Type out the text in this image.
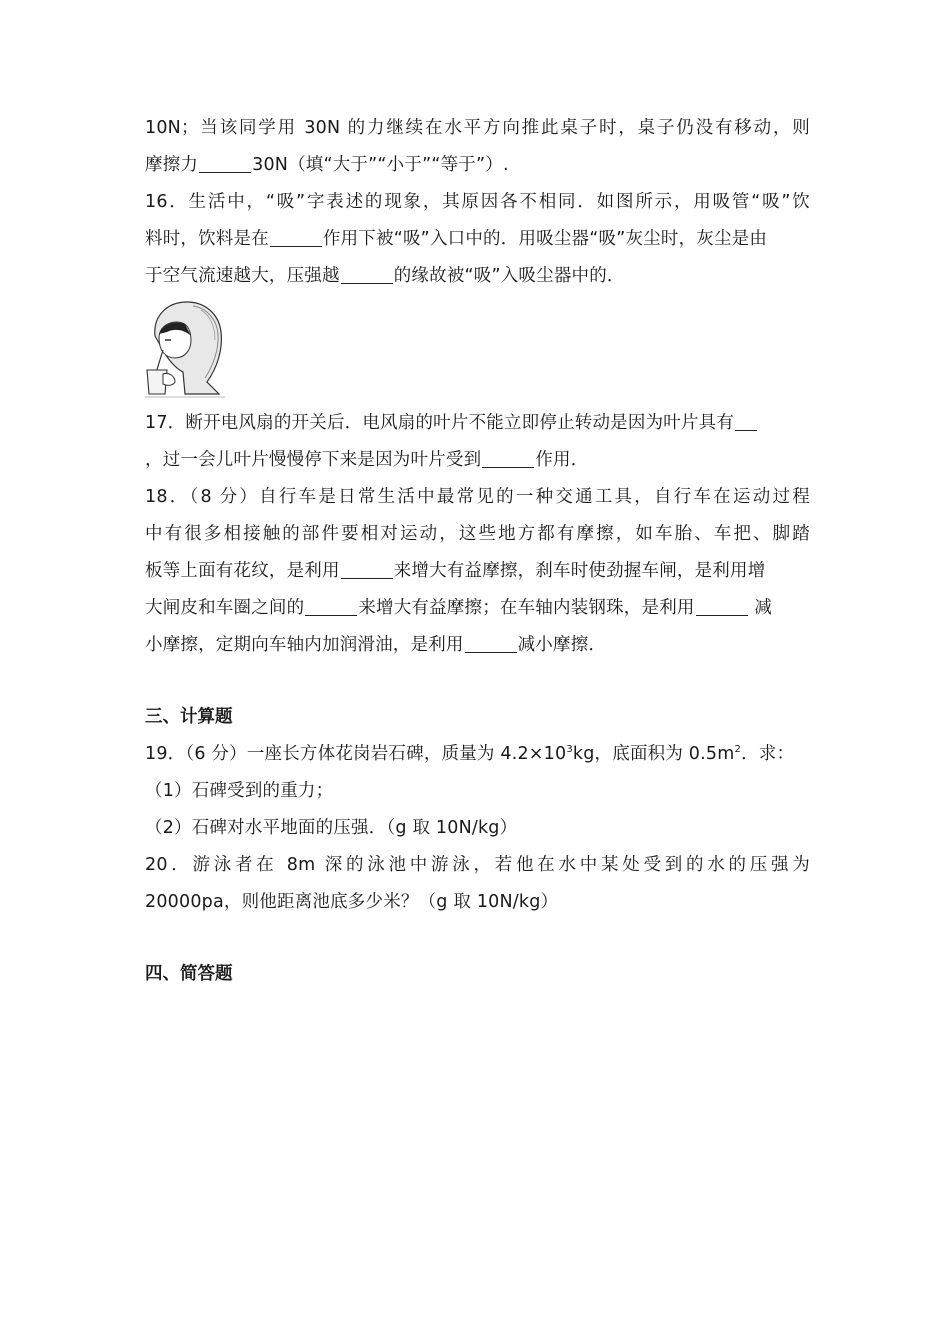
10N；当该同学用 30N 的力继续在水平方向推此桌子时，桌子仍没有移动，则
摩擦力	30N（填“大于”“小于”“等于”）.
16．生活中，“吸”字表述的现象，其原因各不相同．如图所示，用吸管“吸”饮
料时，饮料是在	作用下被“吸”入口中的．用吸尘器“吸”灰尘时，灰尘是由
于空气流速越大，压强越	的缘故被“吸”入吸尘器中的．
17．断开电风扇的开关后．电风扇的叶片不能立即停止转动是因为叶片具有
，过一会儿叶片慢慢停下来是因为叶片受到	作用．
18．（8 分）自行车是日常生活中最常见的一种交通工具，自行车在运动过程
中有很多相接触的部件要相对运动，这些地方都有摩擦，如车胎、车把、脚踏
板等上面有花纹，是利用	来增大有益摩擦，刹车时使劲握车闸，是利用增
大闸皮和车圈之间的	来增大有益摩擦；在车轴内装钢珠，是利用	减
小摩擦，定期向车轴内加润滑油，是利用	减小摩擦．
三、计算题
19．（6 分）一座长方体花岗岩石碑，质量为 $4.2\times 10^3kg$，底面积为 $0.5m^2$．求：
（1）石碑受到的重力；
（2）石碑对水平地面的压强．（g 取 10N/kg）
20．游泳者在 8m 深的泳池中游泳，若他在水中某处受到的水的压强为
20000pa，则他距离池底多少米？（g 取 10N/kg）
四、简答题
